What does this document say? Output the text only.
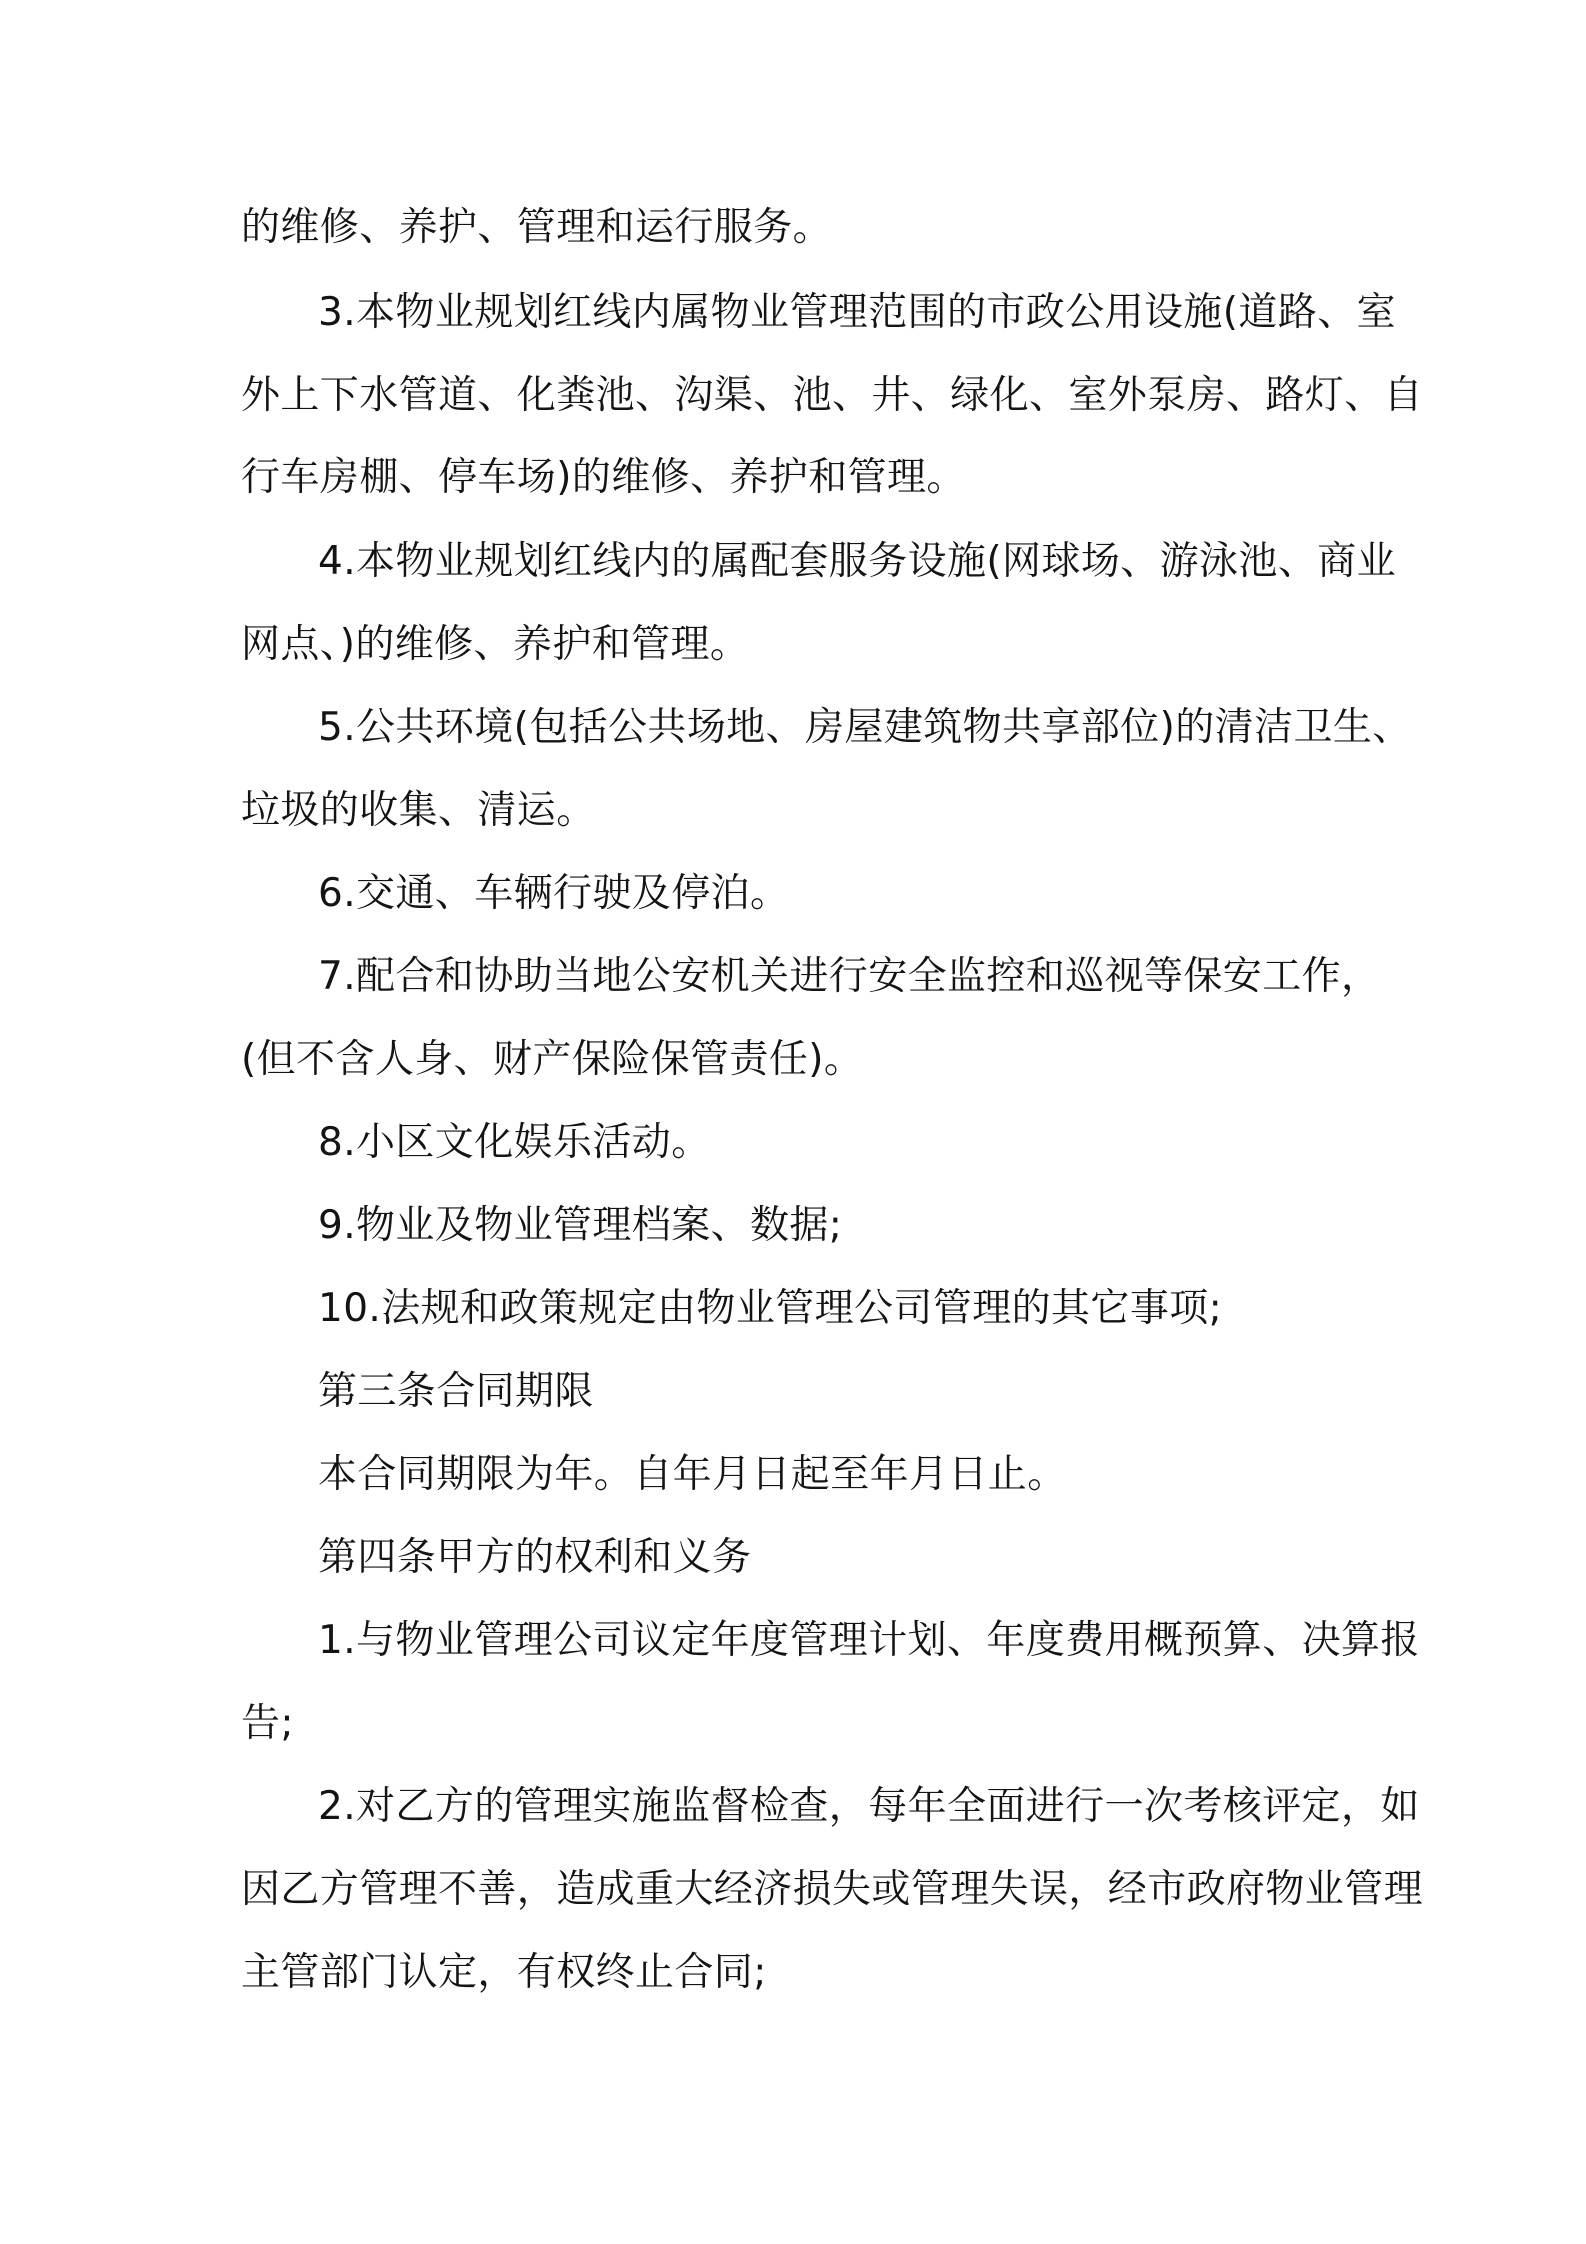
的维修、养护、管理和运行服务。

3.本物业规划红线内属物业管理范围的市政公用设施(道路、室

外上下水管道、化粪池、沟渠、池、井、绿化、室外泵房、路灯、自

行车房棚、停车场)的维修、养护和管理。

4.本物业规划红线内的属配套服务设施(网球场、游泳池、商业

网点、)的维修、养护和管理。

5.公共环境(包括公共场地、房屋建筑物共享部位)的清洁卫生、

垃圾的收集、清运。

6.交通、车辆行驶及停泊。

7.配合和协助当地公安机关进行安全监控和巡视等保安工作，

(但不含人身、财产保险保管责任)。

8.小区文化娱乐活动。

9.物业及物业管理档案、数据;

10.法规和政策规定由物业管理公司管理的其它事项;

第三条合同期限

本合同期限为年。自年月日起至年月日止。

第四条甲方的权利和义务

1.与物业管理公司议定年度管理计划、年度费用概预算、决算报

告;

2.对乙方的管理实施监督检查，每年全面进行一次考核评定，如

因乙方管理不善，造成重大经济损失或管理失误，经市政府物业管理

主管部门认定，有权终止合同;
